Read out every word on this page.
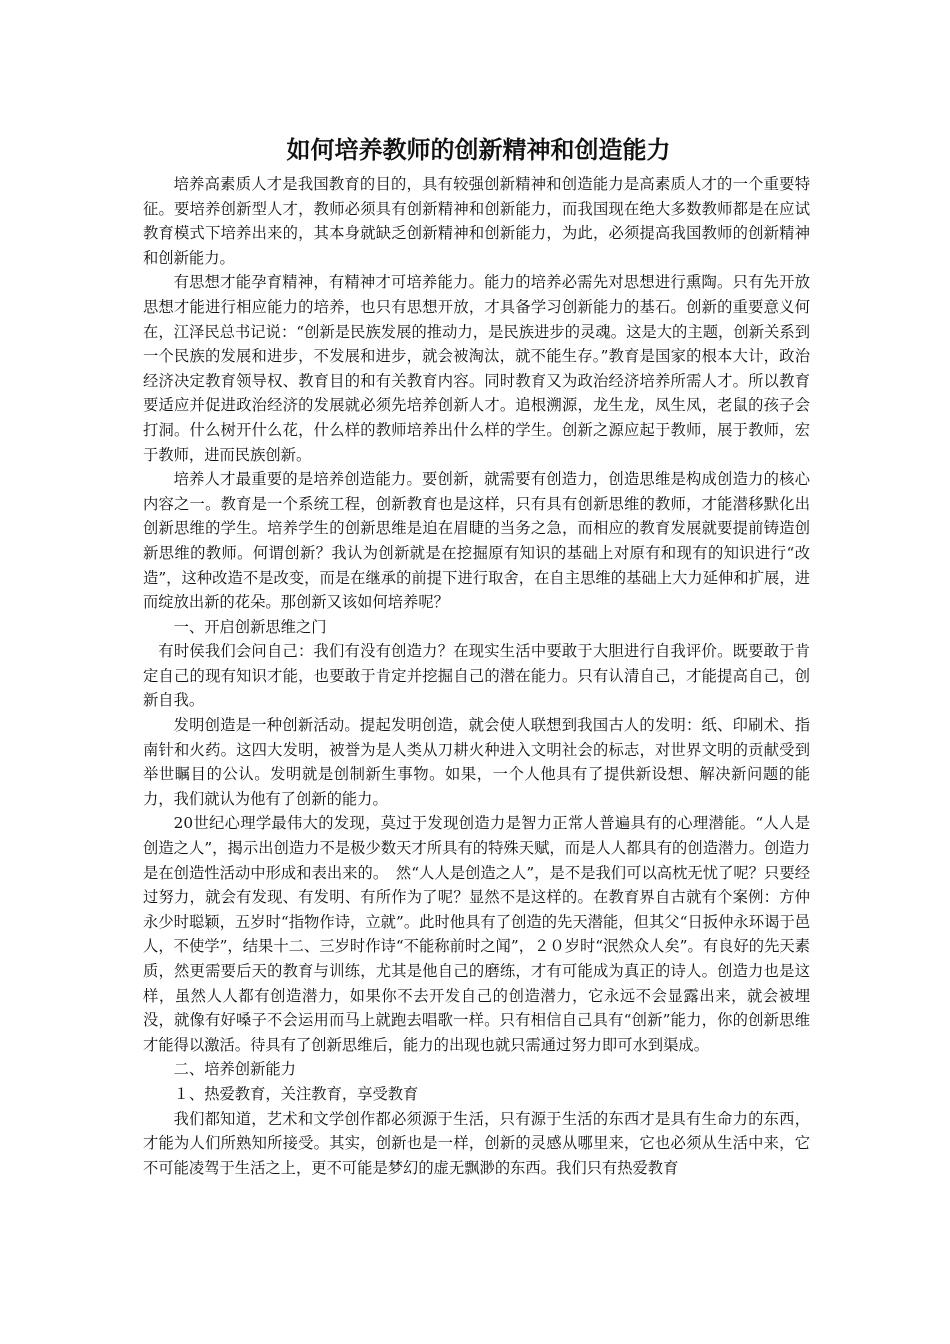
如何培养教师的创新精神和创造能力

培养高素质人才是我国教育的目的，具有较强创新精神和创造能力是高素质人才的一个重要特征。要培养创新型人才，教师必须具有创新精神和创新能力，而我国现在绝大多数教师都是在应试教育模式下培养出来的，其本身就缺乏创新精神和创新能力，为此，必须提高我国教师的创新精神和创新能力。

有思想才能孕育精神，有精神才可培养能力。能力的培养必需先对思想进行熏陶。只有先开放思想才能进行相应能力的培养，也只有思想开放，才具备学习创新能力的基石。创新的重要意义何在，江泽民总书记说：“创新是民族发展的推动力，是民族进步的灵魂。这是大的主题，创新关系到一个民族的发展和进步，不发展和进步，就会被淘汰，就不能生存。”教育是国家的根本大计，政治经济决定教育领导权、教育目的和有关教育内容。同时教育又为政治经济培养所需人才。所以教育要适应并促进政治经济的发展就必须先培养创新人才。追根溯源，龙生龙，凤生凤，老鼠的孩子会打洞。什么树开什么花，什么样的教师培养出什么样的学生。创新之源应起于教师，展于教师，宏于教师，进而民族创新。

培养人才最重要的是培养创造能力。要创新，就需要有创造力，创造思维是构成创造力的核心内容之一。教育是一个系统工程，创新教育也是这样，只有具有创新思维的教师，才能潜移默化出创新思维的学生。培养学生的创新思维是迫在眉睫的当务之急，而相应的教育发展就要提前铸造创新思维的教师。何谓创新？我认为创新就是在挖掘原有知识的基础上对原有和现有的知识进行“改造”，这种改造不是改变，而是在继承的前提下进行取舍，在自主思维的基础上大力延伸和扩展，进而绽放出新的花朵。那创新又该如何培养呢？

一、开启创新思维之门

有时侯我们会问自己：我们有没有创造力？在现实生活中要敢于大胆进行自我评价。既要敢于肯定自己的现有知识才能，也要敢于肯定并挖掘自己的潜在能力。只有认清自己，才能提高自己，创新自我。

发明创造是一种创新活动。提起发明创造，就会使人联想到我国古人的发明：纸、印刷术、指南针和火药。这四大发明，被誉为是人类从刀耕火种进入文明社会的标志，对世界文明的贡献受到举世瞩目的公认。发明就是创制新生事物。如果，一个人他具有了提供新设想、解决新问题的能力，我们就认为他有了创新的能力。

20世纪心理学最伟大的发现，莫过于发现创造力是智力正常人普遍具有的心理潜能。“人人是创造之人”，揭示出创造力不是极少数天才所具有的特殊天赋，而是人人都具有的创造潜力。创造力是在创造性活动中形成和表出来的。　然“人人是创造之人”，是不是我们可以高枕无忧了呢？只要经过努力，就会有发现、有发明、有所作为了呢？显然不是这样的。在教育界自古就有个案例：方仲永少时聪颖，五岁时“指物作诗，立就”。此时他具有了创造的先天潜能，但其父“日扳仲永环谒于邑人，不使学”，结果十二、三岁时作诗“不能称前时之闻”，２０岁时“泯然众人矣”。有良好的先天素质，然更需要后天的教育与训练，尤其是他自己的磨练，才有可能成为真正的诗人。创造力也是这样，虽然人人都有创造潜力，如果你不去开发自己的创造潜力，它永远不会显露出来，就会被埋没，就像有好嗓子不会运用而马上就跑去唱歌一样。只有相信自己具有“创新”能力，你的创新思维才能得以激活。待具有了创新思维后，能力的出现也就只需通过努力即可水到渠成。

二、培养创新能力

１、热爱教育，关注教育，享受教育

我们都知道，艺术和文学创作都必须源于生活，只有源于生活的东西才是具有生命力的东西，才能为人们所熟知所接受。其实，创新也是一样，创新的灵感从哪里来，它也必须从生活中来，它不可能凌驾于生活之上，更不可能是梦幻的虚无飘渺的东西。我们只有热爱教育
